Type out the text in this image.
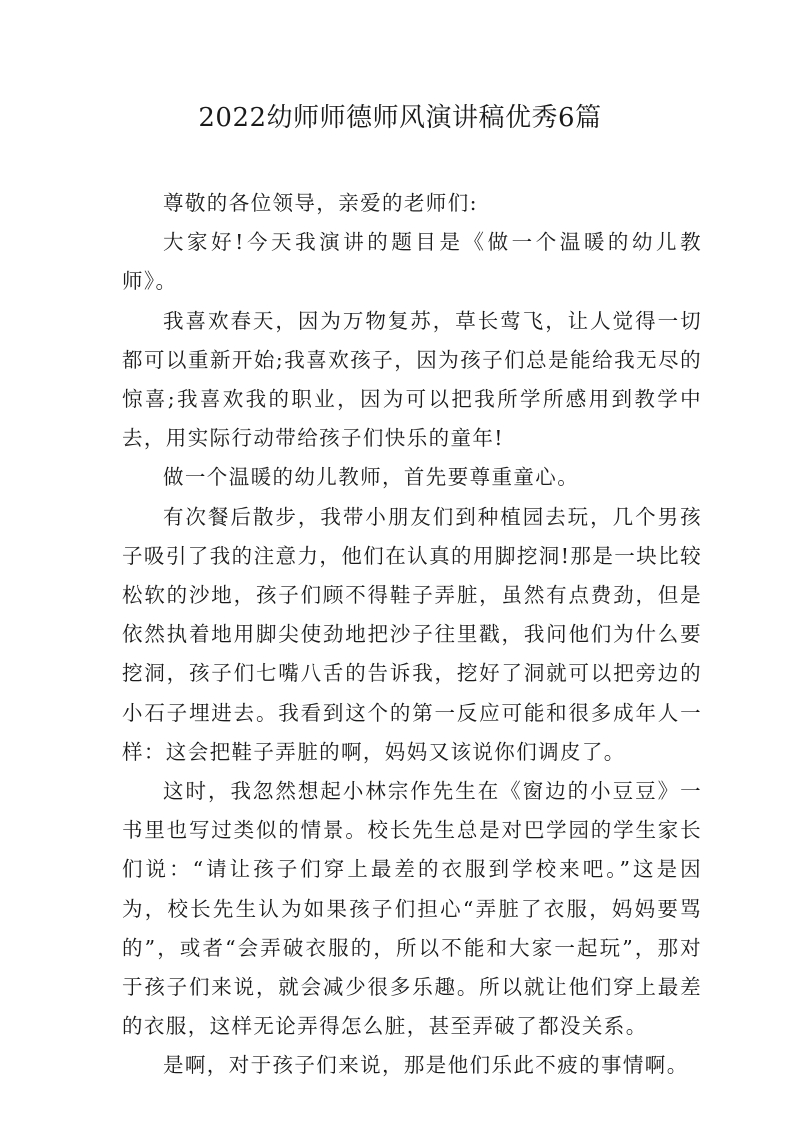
2022幼师师德师风演讲稿优秀6篇

尊敬的各位领导，亲爱的老师们:

大家好!今天我演讲的题目是《做一个温暖的幼儿教师》。

我喜欢春天，因为万物复苏，草长莺飞，让人觉得一切都可以重新开始;我喜欢孩子，因为孩子们总是能给我无尽的惊喜;我喜欢我的职业，因为可以把我所学所感用到教学中去，用实际行动带给孩子们快乐的童年!

做一个温暖的幼儿教师，首先要尊重童心。

有次餐后散步，我带小朋友们到种植园去玩，几个男孩子吸引了我的注意力，他们在认真的用脚挖洞!那是一块比较松软的沙地，孩子们顾不得鞋子弄脏，虽然有点费劲，但是依然执着地用脚尖使劲地把沙子往里戳，我问他们为什么要挖洞，孩子们七嘴八舌的告诉我，挖好了洞就可以把旁边的小石子埋进去。我看到这个的第一反应可能和很多成年人一样：这会把鞋子弄脏的啊，妈妈又该说你们调皮了。

这时，我忽然想起小林宗作先生在《窗边的小豆豆》一书里也写过类似的情景。校长先生总是对巴学园的学生家长们说：“请让孩子们穿上最差的衣服到学校来吧。”这是因为，校长先生认为如果孩子们担心“弄脏了衣服，妈妈要骂的”，或者“会弄破衣服的，所以不能和大家一起玩”，那对于孩子们来说，就会减少很多乐趣。所以就让他们穿上最差的衣服，这样无论弄得怎么脏，甚至弄破了都没关系。

是啊，对于孩子们来说，那是他们乐此不疲的事情啊。
